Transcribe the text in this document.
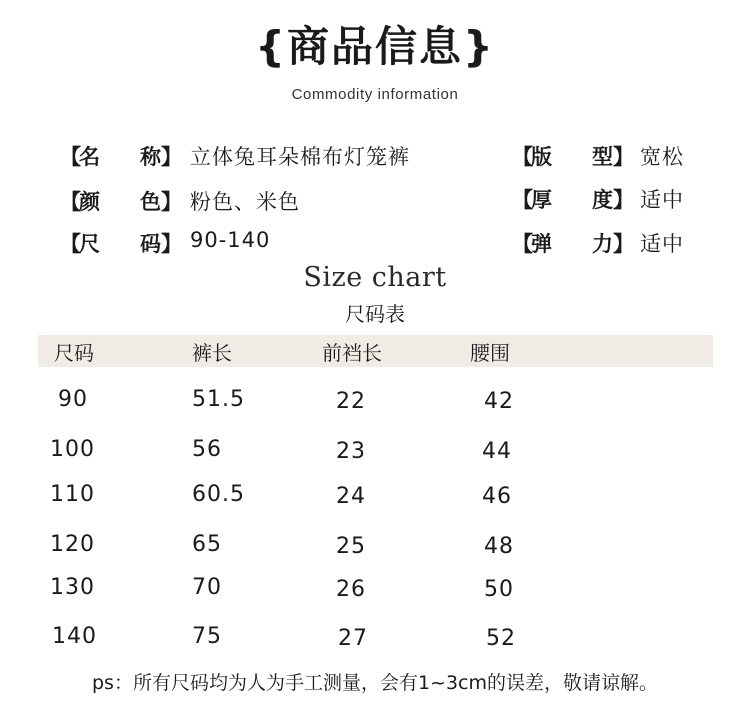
{商品信息}
Commodity information
【
名 称 】 立体兔耳朵棉布灯笼裤
【
颜 色 】 粉色、米色
【
尺 码 】 90-140
【
版 型 】 宽松
【
厚 度 】 适中
【
弹 力 】 适中
Size chart
尺码表
尺码	裤长	前裆长	腰围
90	51.5	22	42
100	56	23	44
110	60.5	24	46
120	65	25	48
130	70	26	50
140	75	27	52
ps：所有尺码均为人为手工测量，会有1~3cm的误差，敬请谅解。
